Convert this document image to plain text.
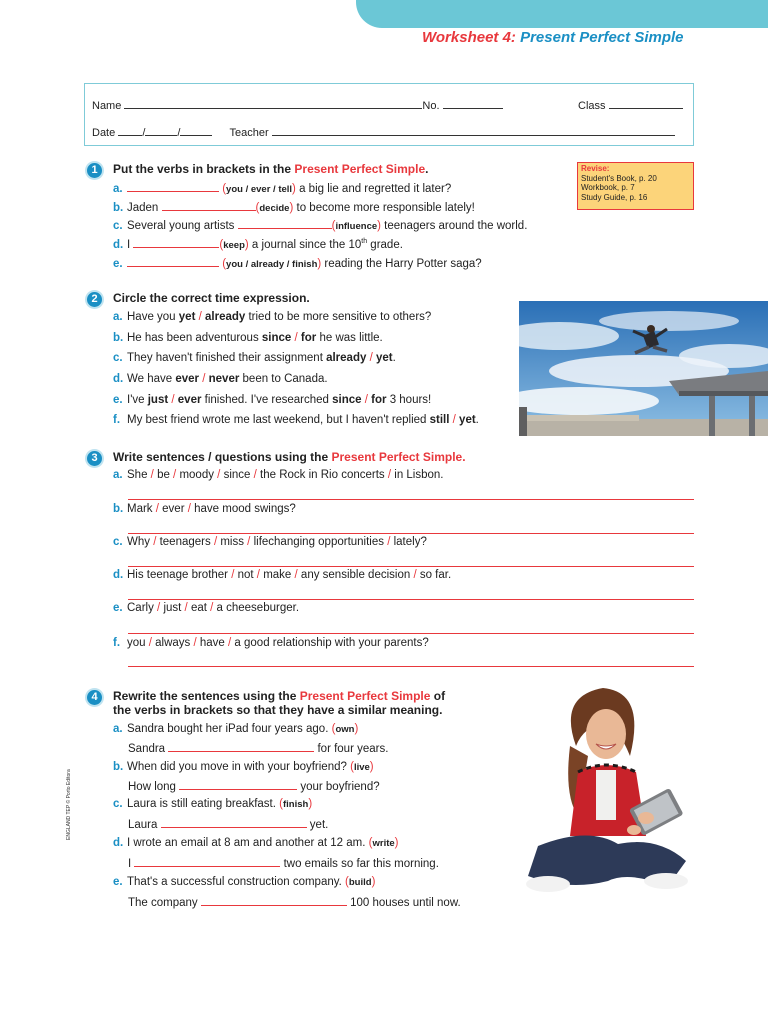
Worksheet 4: Present Perfect Simple
Name	No.	Class
Date /	/	Teacher
1	Put the verbs in brackets in the Present Perfect Simple.	Revise:
Student's Book, p. 20
Workbook, p. 7
Study Guide, p. 16
a.	(you / ever / tell) a big lie and regretted it later?
b. Jaden	(decide) to become more responsible lately!
c. Several young artists	(influence) teenagers around the world.
d. I	(keep) a journal since the 10th grade.
e.	(you / already / finish) reading the Harry Potter saga?
2	Circle the correct time expression.
a. Have you yet / already tried to be more sensitive to others?
b. He has been adventurous since / for he was little.
c. They haven't finished their assignment already / yet.
d. We have ever / never been to Canada.
e. I've just / ever finished. I've researched since / for 3 hours!
f. My best friend wrote me last weekend, but I haven't replied still / yet.
3	Write sentences / questions using the Present Perfect Simple.
a. She / be / moody / since / the Rock in Rio concerts / in Lisbon.
b. Mark / ever / have mood swings?
c. Why / teenagers / miss / lifechanging opportunities / lately?
d. His teenage brother / not / make / any sensible decision / so far.
e. Carly / just / eat / a cheeseburger.
f. you / always / have / a good relationship with your parents?
4	Rewrite the sentences using the Present Perfect Simple of
the verbs in brackets so that they have a similar meaning.
a. Sandra bought her iPad four years ago. (own)
Sandra	for four years.
b. When did you move in with your boyfriend? (live)
How long	your boyfriend?
c. Laura is still eating breakfast. (finish)
Laura	yet.
d. I wrote an email at 8 am and another at 12 am. (write)
I	two emails so far this morning.
e. That's a successful construction company. (build)
The company	100 houses until now.
ENGLAND TEP © Porto Editora
